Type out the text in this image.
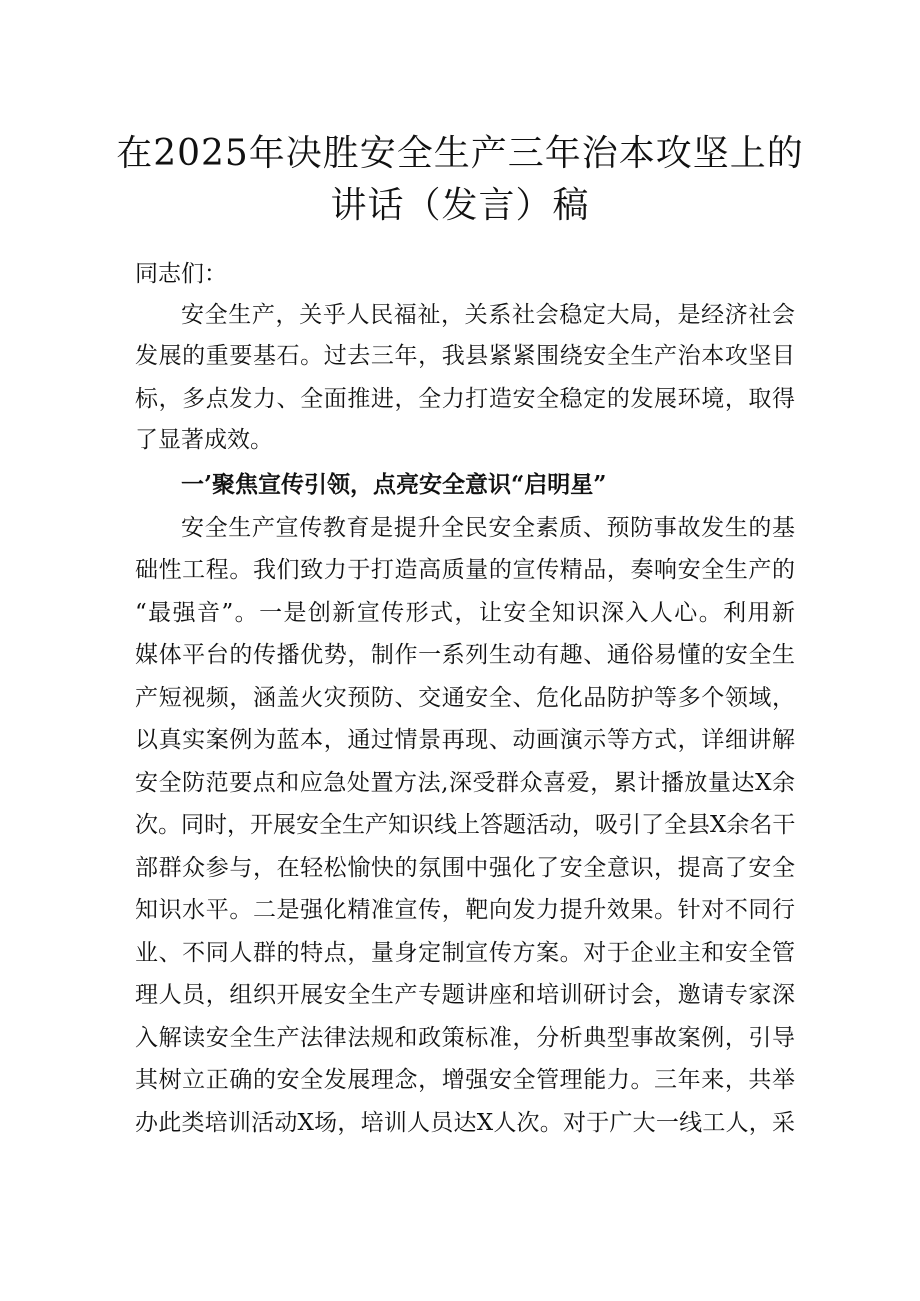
在2025年决胜安全生产三年治本攻坚上的
讲话（发言）稿

同志们：

安全生产，关乎人民福祉，关系社会稳定大局，是经济社会

发展的重要基石。过去三年，我县紧紧围绕安全生产治本攻坚目

标，多点发力、全面推进，全力打造安全稳定的发展环境，取得

了显著成效。

一’聚焦宣传引领，点亮安全意识“启明星”

安全生产宣传教育是提升全民安全素质、预防事故发生的基

础性工程。我们致力于打造高质量的宣传精品，奏响安全生产的

“最强音”。一是创新宣传形式，让安全知识深入人心。利用新

媒体平台的传播优势，制作一系列生动有趣、通俗易懂的安全生

产短视频，涵盖火灾预防、交通安全、危化品防护等多个领域，

以真实案例为蓝本，通过情景再现、动画演示等方式，详细讲解

安全防范要点和应急处置方法,深受群众喜爱，累计播放量达X余

次。同时，开展安全生产知识线上答题活动，吸引了全县X余名干

部群众参与，在轻松愉快的氛围中强化了安全意识，提高了安全

知识水平。二是强化精准宣传，靶向发力提升效果。针对不同行

业、不同人群的特点，量身定制宣传方案。对于企业主和安全管

理人员，组织开展安全生产专题讲座和培训研讨会，邀请专家深

入解读安全生产法律法规和政策标准，分析典型事故案例，引导

其树立正确的安全发展理念，增强安全管理能力。三年来，共举

办此类培训活动X场，培训人员达X人次。对于广大一线工人，采
